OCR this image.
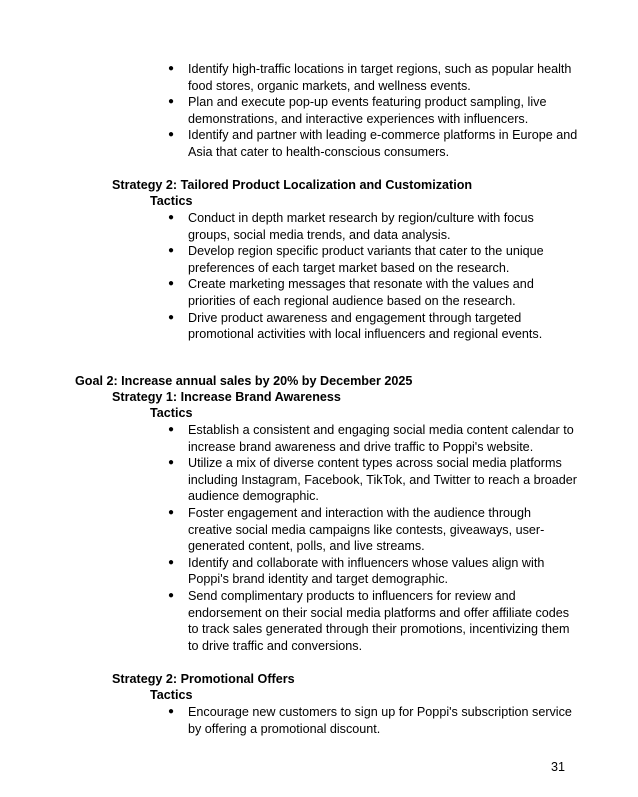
● Identify high-traffic locations in target regions, such as popular health food stores, organic markets, and wellness events.
● Plan and execute pop-up events featuring product sampling, live demonstrations, and interactive experiences with influencers.
● Identify and partner with leading e-commerce platforms in Europe and Asia that cater to health-conscious consumers.
Strategy 2: Tailored Product Localization and Customization
Tactics
● Conduct in depth market research by region/culture with focus groups, social media trends, and data analysis.
● Develop region specific product variants that cater to the unique preferences of each target market based on the research.
● Create marketing messages that resonate with the values and priorities of each regional audience based on the research.
● Drive product awareness and engagement through targeted promotional activities with local influencers and regional events.
Goal 2: Increase annual sales by 20% by December 2025
Strategy 1: Increase Brand Awareness
Tactics
● Establish a consistent and engaging social media content calendar to increase brand awareness and drive traffic to Poppi's website.
● Utilize a mix of diverse content types across social media platforms including Instagram, Facebook, TikTok, and Twitter to reach a broader audience demographic.
● Foster engagement and interaction with the audience through creative social media campaigns like contests, giveaways, user-generated content, polls, and live streams.
● Identify and collaborate with influencers whose values align with Poppi's brand identity and target demographic.
● Send complimentary products to influencers for review and endorsement on their social media platforms and offer affiliate codes to track sales generated through their promotions, incentivizing them to drive traffic and conversions.
Strategy 2: Promotional Offers
Tactics
● Encourage new customers to sign up for Poppi's subscription service by offering a promotional discount.
31
